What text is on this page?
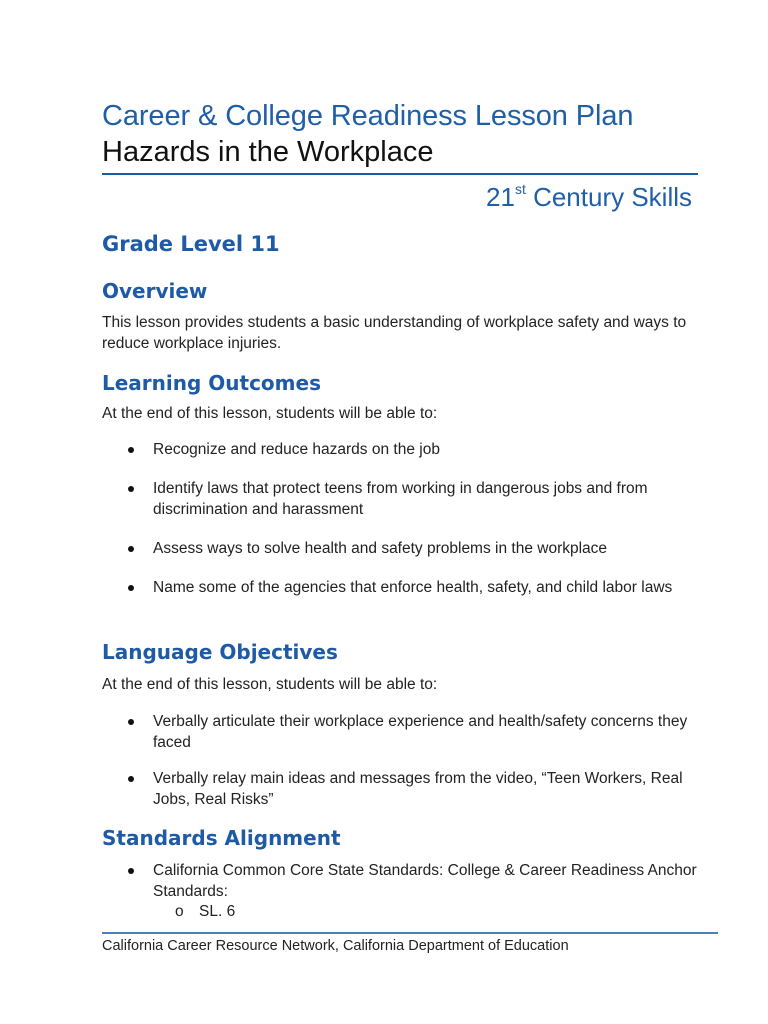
Career & College Readiness Lesson Plan
Hazards in the Workplace
21st Century Skills
Grade Level 11
Overview
This lesson provides students a basic understanding of workplace safety and ways to reduce workplace injuries.
Learning Outcomes
At the end of this lesson, students will be able to:
Recognize and reduce hazards on the job
Identify laws that protect teens from working in dangerous jobs and from discrimination and harassment
Assess ways to solve health and safety problems in the workplace
Name some of the agencies that enforce health, safety, and child labor laws
Language Objectives
At the end of this lesson, students will be able to:
Verbally articulate their workplace experience and health/safety concerns they faced
Verbally relay main ideas and messages from the video, “Teen Workers, Real Jobs, Real Risks”
Standards Alignment
California Common Core State Standards: College & Career Readiness Anchor Standards:
o SL. 6
California Career Resource Network, California Department of Education
